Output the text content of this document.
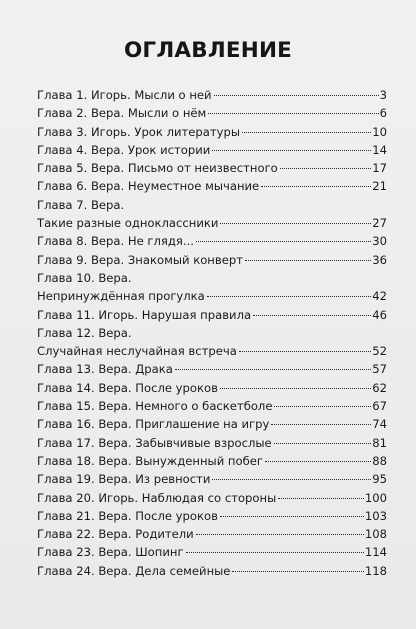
ОГЛАВЛЕНИЕ
Глава 1. Игорь. Мысли о ней	3
Глава 2. Вера. Мысли о нём	6
Глава 3. Игорь. Урок литературы	10
Глава 4. Вера. Урок истории	14
Глава 5. Вера. Письмо от неизвестного	17
Глава 6. Вера. Неуместное мычание	21
Глава 7. Вера.
Такие разные одноклассники	27
Глава 8. Вера. Не глядя...	30
Глава 9. Вера. Знакомый конверт	36
Глава 10. Вера.
Непринуждённая прогулка	42
Глава 11. Игорь. Нарушая правила	46
Глава 12. Вера.
Случайная неслучайная встреча	52
Глава 13. Вера. Драка	57
Глава 14. Вера. После уроков	62
Глава 15. Вера. Немного о баскетболе	67
Глава 16. Вера. Приглашение на игру	74
Глава 17. Вера. Забывчивые взрослые	81
Глава 18. Вера. Вынужденный побег	88
Глава 19. Вера. Из ревности	95
Глава 20. Игорь. Наблюдая со стороны	100
Глава 21. Вера. После уроков	103
Глава 22. Вера. Родители	108
Глава 23. Вера. Шопинг	114
Глава 24. Вера. Дела семейные	118
